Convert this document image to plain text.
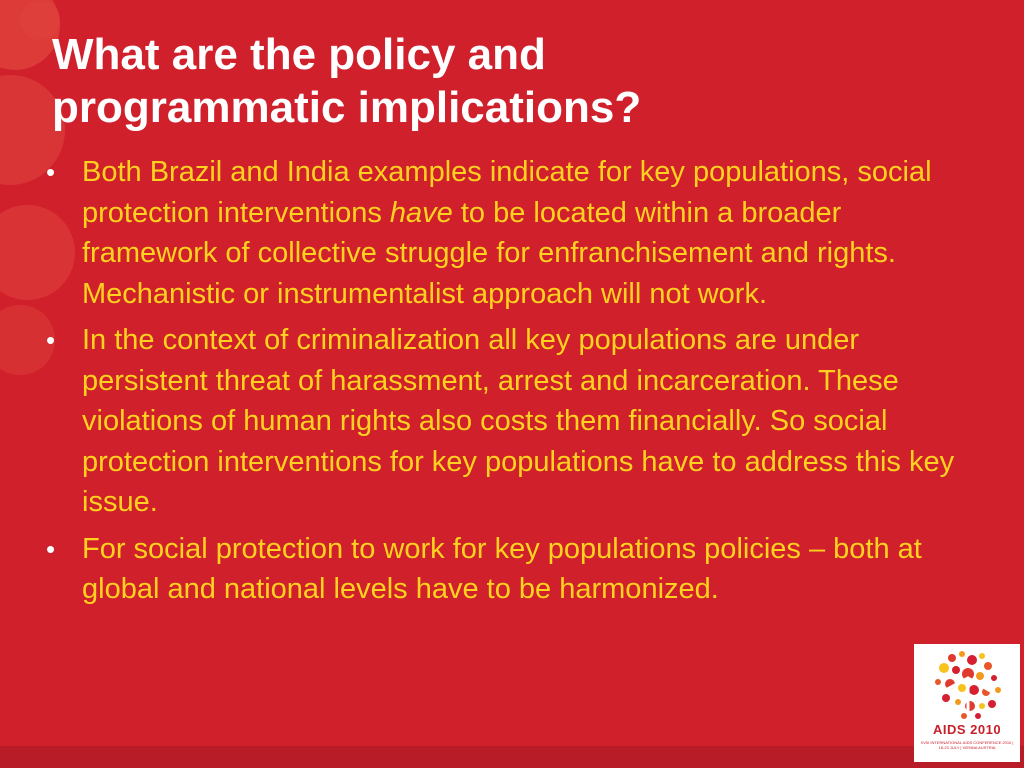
What are the policy and programmatic implications?
• Both Brazil and India examples indicate for key populations, social protection interventions have to be located within a broader framework of collective struggle for enfranchisement and rights. Mechanistic or instrumentalist approach will not work.
• In the context of criminalization all key populations are under persistent threat of harassment, arrest and incarceration. These violations of human rights also costs them financially. So social protection interventions for key populations have to address this key issue.
• For social protection to work for key populations policies – both at global and national levels have to be harmonized.
AIDS 2010
XVIII INTERNATIONAL AIDS CONFERENCE 2010 | 18-23 JULY | VIENNA AUSTRIA
